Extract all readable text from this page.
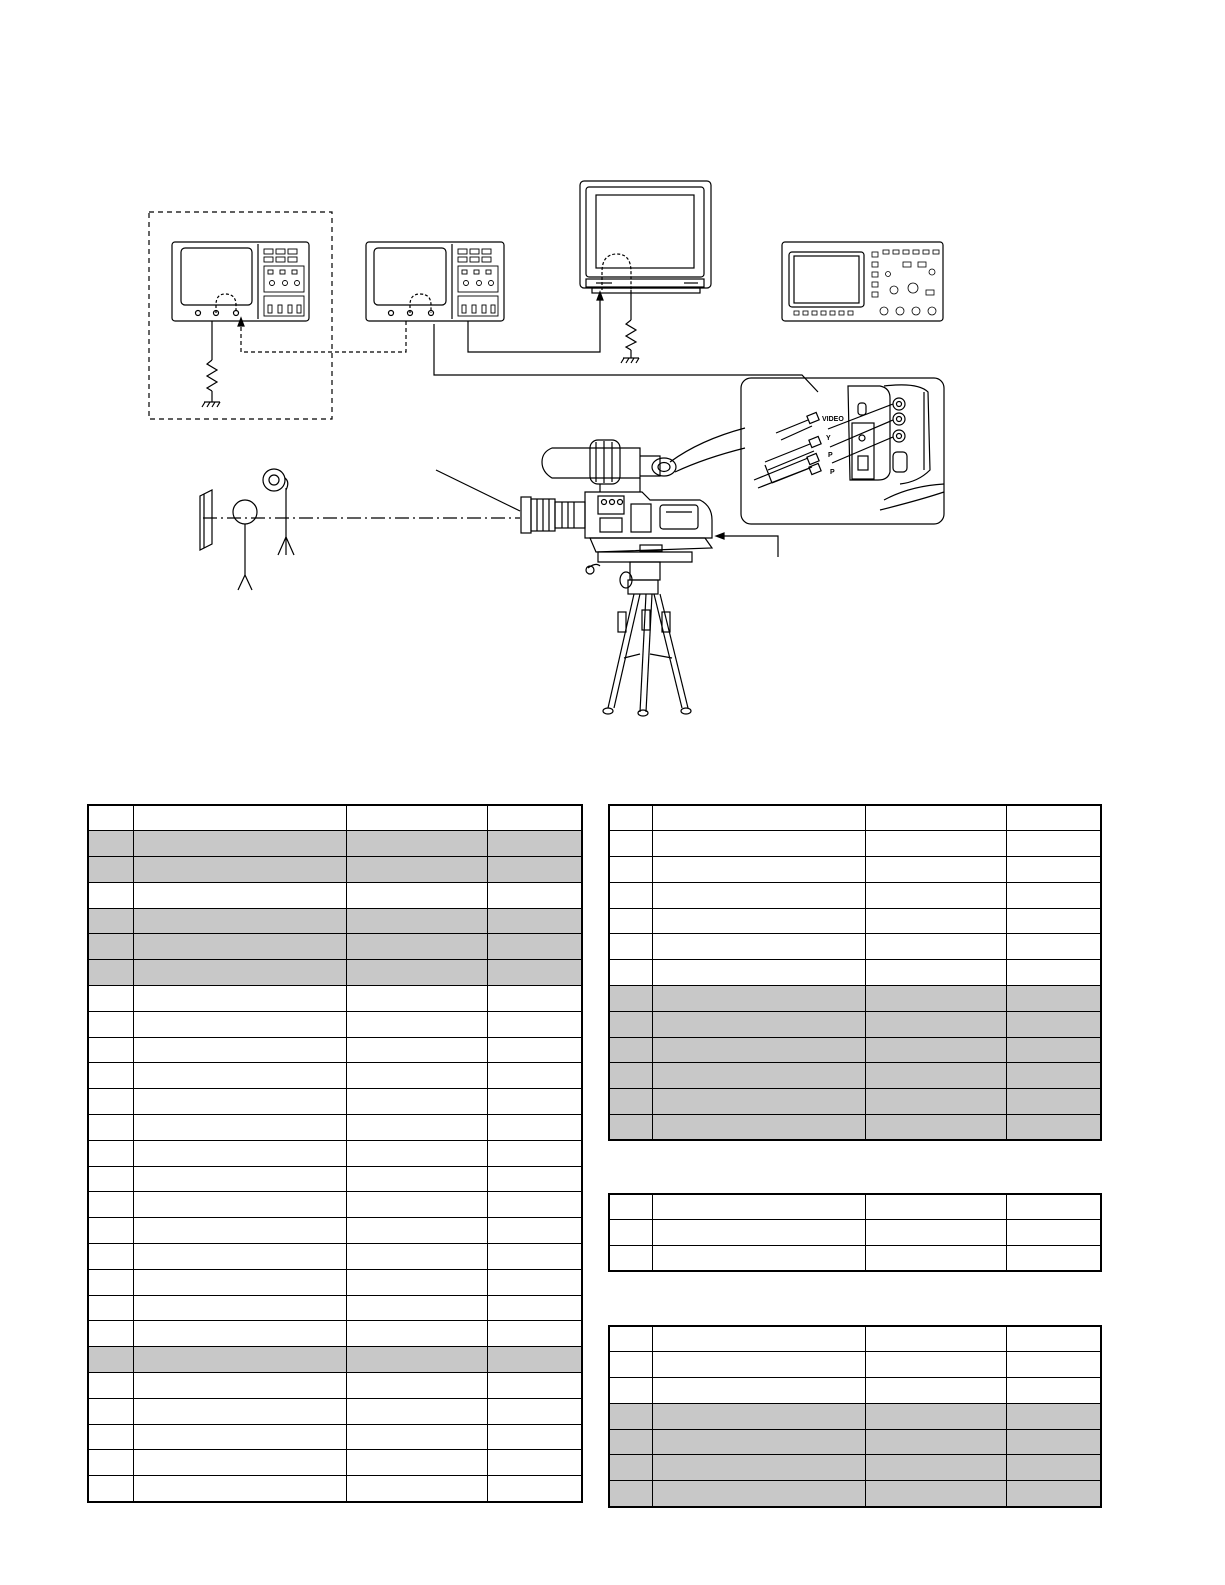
VIDEO
Y
P
P
